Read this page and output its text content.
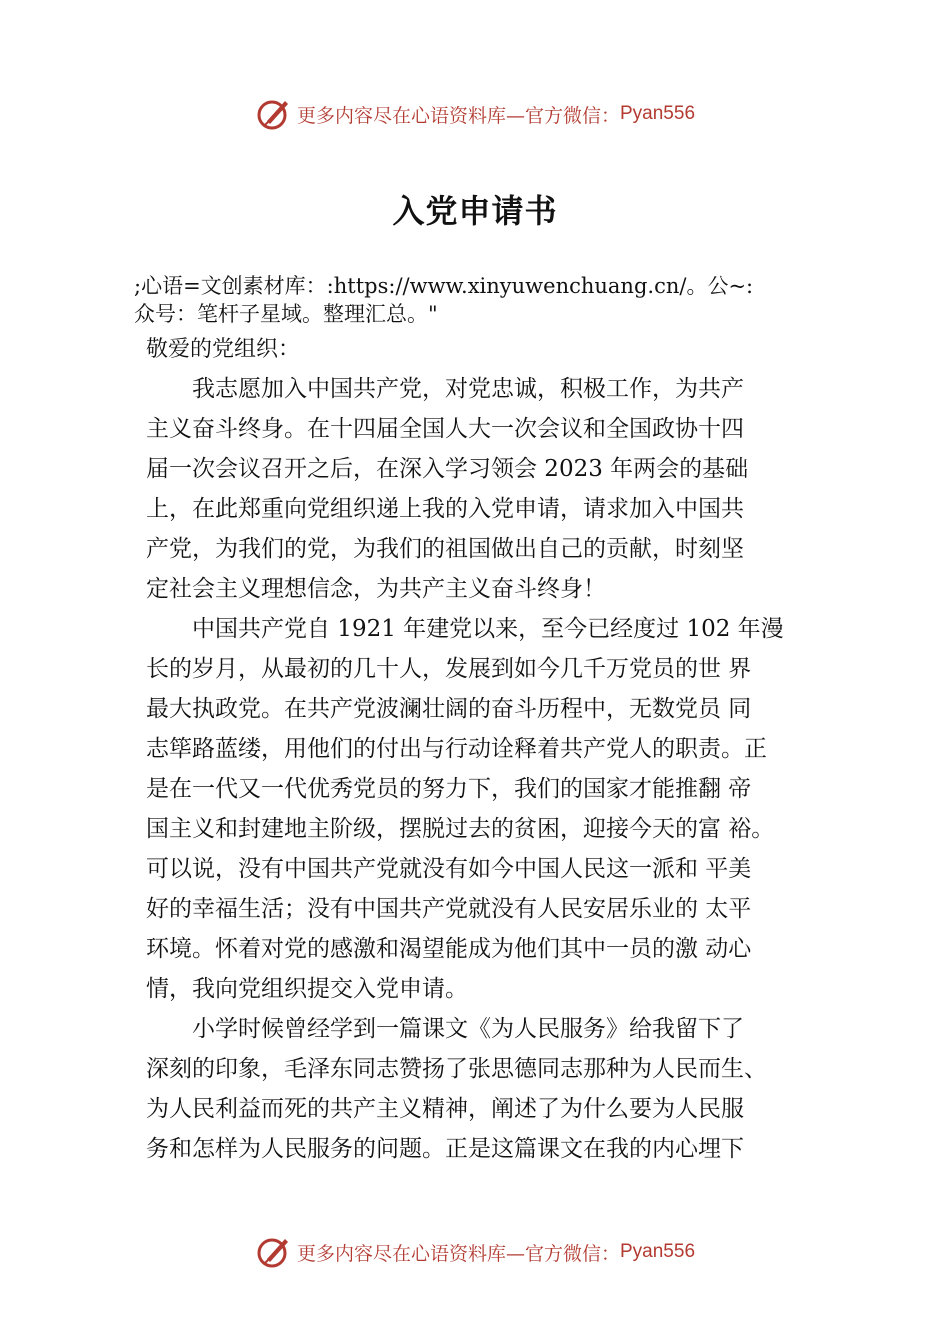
更多内容尽在心语资料库—官方微信： Pyan556
入党申请书
;心语=文创素材库：:https://www.xinyuwenchuang.cn/。公~:
众号：笔杆子星域。整理汇总。"
敬爱的党组织：
　　我志愿加入中国共产党，对党忠诚，积极工作，为共产
主义奋斗终身。在十四届全国人大一次会议和全国政协十四
届一次会议召开之后，在深入学习领会 2023 年两会的基础
上，在此郑重向党组织递上我的入党申请，请求加入中国共
产党，为我们的党，为我们的祖国做出自己的贡献，时刻坚
定社会主义理想信念，为共产主义奋斗终身！
　　中国共产党自 1921 年建党以来，至今已经度过 102 年漫
长的岁月，从最初的几十人，发展到如今几千万党员的世 界
最大执政党。在共产党波澜壮阔的奋斗历程中，无数党员 同
志筚路蓝缕，用他们的付出与行动诠释着共产党人的职责。正
是在一代又一代优秀党员的努力下，我们的国家才能推翻 帝
国主义和封建地主阶级，摆脱过去的贫困，迎接今天的富 裕。
可以说，没有中国共产党就没有如今中国人民这一派和 平美
好的幸福生活；没有中国共产党就没有人民安居乐业的 太平
环境。怀着对党的感激和渴望能成为他们其中一员的激 动心
情，我向党组织提交入党申请。
　　小学时候曾经学到一篇课文《为人民服务》给我留下了
深刻的印象，毛泽东同志赞扬了张思德同志那种为人民而生、
为人民利益而死的共产主义精神，阐述了为什么要为人民服
务和怎样为人民服务的问题。正是这篇课文在我的内心埋下
更多内容尽在心语资料库—官方微信： Pyan556
